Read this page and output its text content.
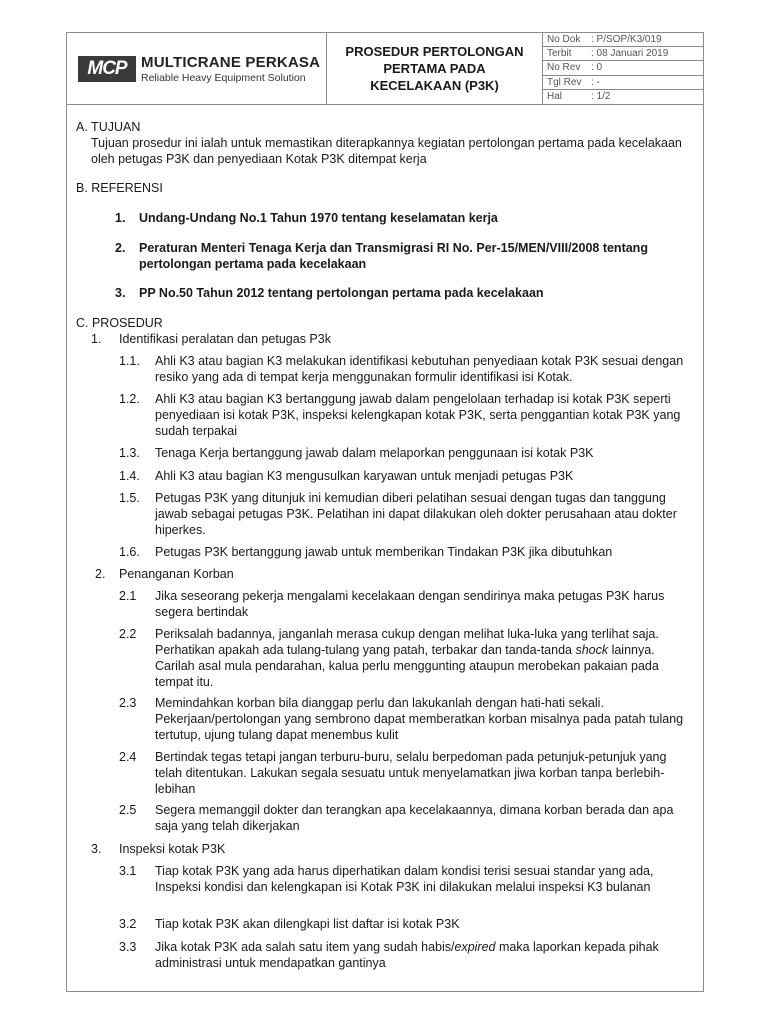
MCP MULTICRANE PERKASA
Reliable Heavy Equipment Solution
PROSEDUR PERTOLONGAN
PERTAMA PADA
KECELAKAAN (P3K)
No Dok : P/SOP/K3/019
Terbit : 08 Januari 2019
No Rev : 0
Tgl Rev : -
Hal	: 1/2
A. TUJUAN
Tujuan prosedur ini ialah untuk memastikan diterapkannya kegiatan pertolongan pertama pada kecelakaan oleh petugas P3K dan penyediaan Kotak P3K ditempat kerja
B. REFERENSI
1. Undang-Undang No.1 Tahun 1970 tentang keselamatan kerja
2. Peraturan Menteri Tenaga Kerja dan Transmigrasi RI No. Per-15/MEN/VIII/2008 tentang pertolongan pertama pada kecelakaan
3. PP No.50 Tahun 2012 tentang pertolongan pertama pada kecelakaan
C. PROSEDUR
1. Identifikasi peralatan dan petugas P3k
1.1. Ahli K3 atau bagian K3 melakukan identifikasi kebutuhan penyediaan kotak P3K sesuai dengan resiko yang ada di tempat kerja menggunakan formulir identifikasi isi Kotak.
1.2. Ahli K3 atau bagian K3 bertanggung jawab dalam pengelolaan terhadap isi kotak P3K seperti penyediaan isi kotak P3K, inspeksi kelengkapan kotak P3K, serta penggantian kotak P3K yang sudah terpakai
1.3. Tenaga Kerja bertanggung jawab dalam melaporkan penggunaan isi kotak P3K
1.4. Ahli K3 atau bagian K3 mengusulkan karyawan untuk menjadi petugas P3K
1.5. Petugas P3K yang ditunjuk ini kemudian diberi pelatihan sesuai dengan tugas dan tanggung jawab sebagai petugas P3K. Pelatihan ini dapat dilakukan oleh dokter perusahaan atau dokter hiperkes.
1.6. Petugas P3K bertanggung jawab untuk memberikan Tindakan P3K jika dibutuhkan
2. Penanganan Korban
2.1 Jika seseorang pekerja mengalami kecelakaan dengan sendirinya maka petugas P3K harus segera bertindak
2.2 Periksalah badannya, janganlah merasa cukup dengan melihat luka-luka yang terlihat saja. Perhatikan apakah ada tulang-tulang yang patah, terbakar dan tanda-tanda shock lainnya. Carilah asal mula pendarahan, kalua perlu menggunting ataupun merobekan pakaian pada tempat itu.
2.3 Memindahkan korban bila dianggap perlu dan lakukanlah dengan hati-hati sekali. Pekerjaan/pertolongan yang sembrono dapat memberatkan korban misalnya pada patah tulang tertutup, ujung tulang dapat menembus kulit
2.4 Bertindak tegas tetapi jangan terburu-buru, selalu berpedoman pada petunjuk-petunjuk yang telah ditentukan. Lakukan segala sesuatu untuk menyelamatkan jiwa korban tanpa berlebih-lebihan
2.5 Segera memanggil dokter dan terangkan apa kecelakaannya, dimana korban berada dan apa saja yang telah dikerjakan
3. Inspeksi kotak P3K
3.1 Tiap kotak P3K yang ada harus diperhatikan dalam kondisi terisi sesuai standar yang ada, Inspeksi kondisi dan kelengkapan isi Kotak P3K ini dilakukan melalui inspeksi K3 bulanan
3.2 Tiap kotak P3K akan dilengkapi list daftar isi kotak P3K
3.3 Jika kotak P3K ada salah satu item yang sudah habis/expired maka laporkan kepada pihak administrasi untuk mendapatkan gantinya
